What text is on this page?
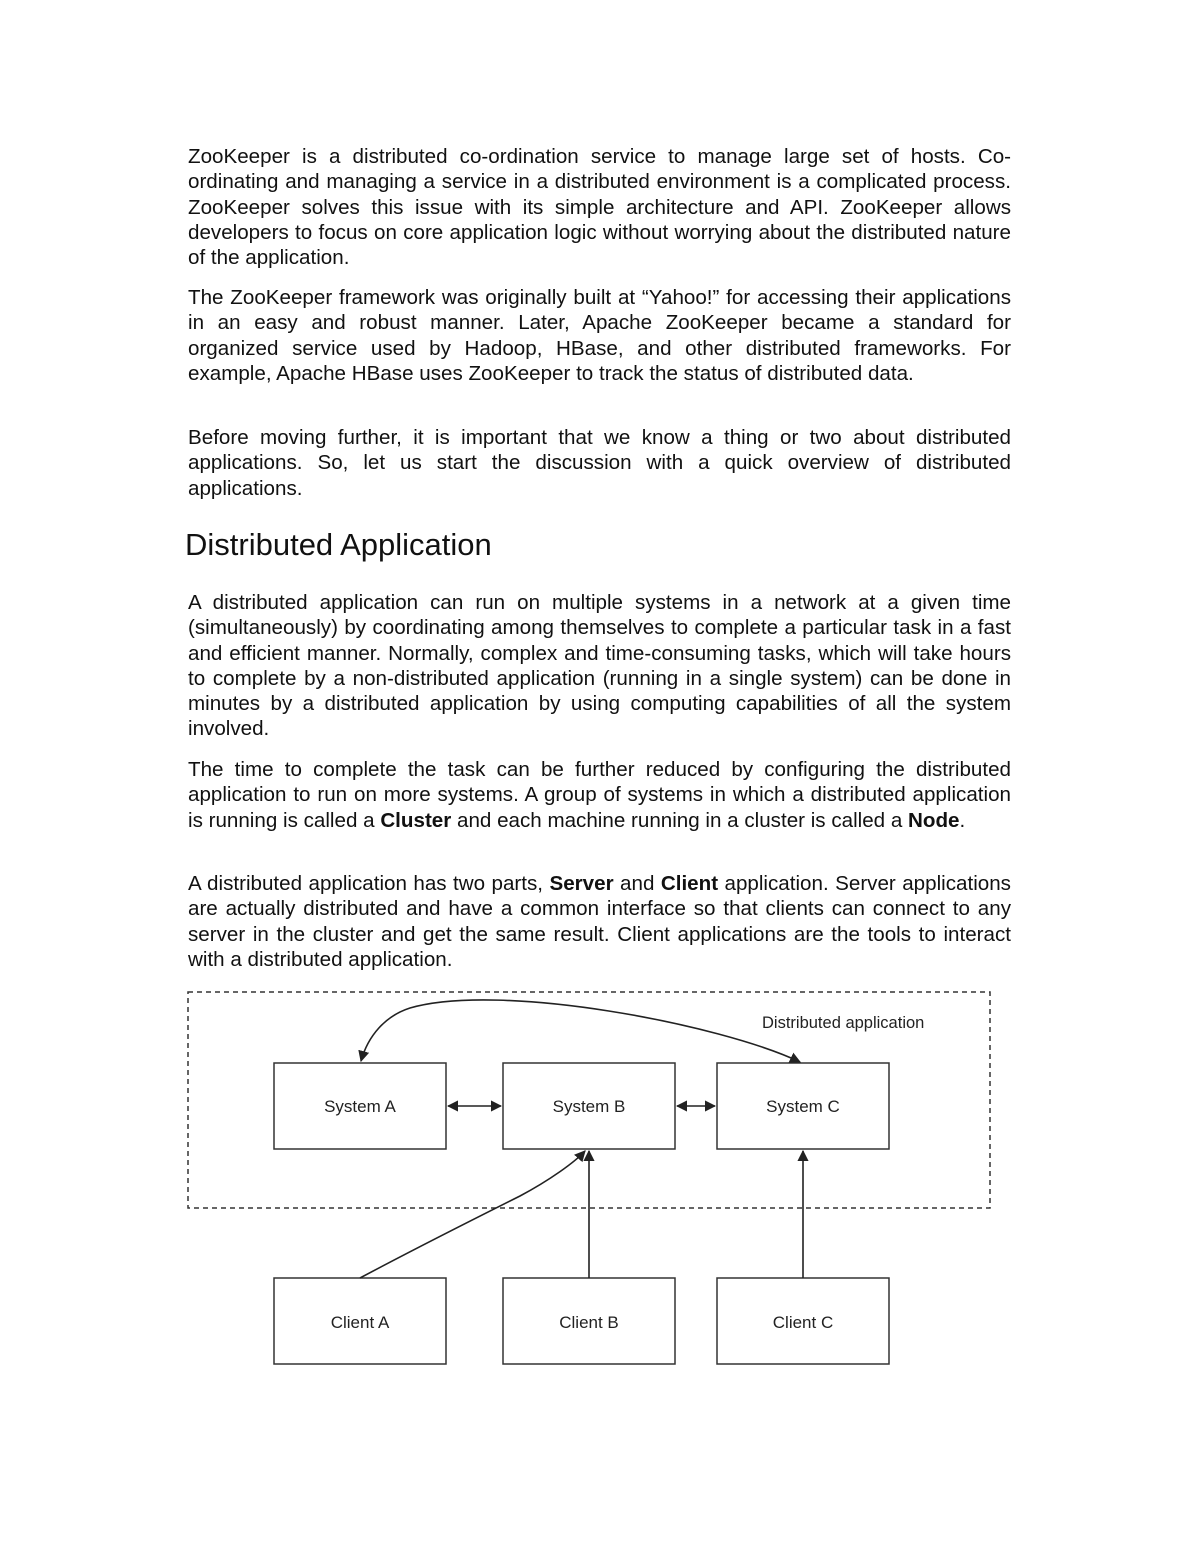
ZooKeeper is a distributed co-ordination service to manage large set of hosts. Co-ordinating and managing a service in a distributed environment is a complicated process. ZooKeeper solves this issue with its simple architecture and API. ZooKeeper allows developers to focus on core application logic without worrying about the distributed nature of the application.

The ZooKeeper framework was originally built at “Yahoo!” for accessing their applications in an easy and robust manner. Later, Apache ZooKeeper became a standard for organized service used by Hadoop, HBase, and other distributed frameworks. For example, Apache HBase uses ZooKeeper to track the status of distributed data.

Before moving further, it is important that we know a thing or two about distributed applications. So, let us start the discussion with a quick overview of distributed applications.

Distributed Application

A distributed application can run on multiple systems in a network at a given time (simultaneously) by coordinating among themselves to complete a particular task in a fast and efficient manner. Normally, complex and time-consuming tasks, which will take hours to complete by a non-distributed application (running in a single system) can be done in minutes by a distributed application by using computing capabilities of all the system involved.

The time to complete the task can be further reduced by configuring the distributed application to run on more systems. A group of systems in which a distributed application is running is called a Cluster and each machine running in a cluster is called a Node.

A distributed application has two parts, Server and Client application. Server applications are actually distributed and have a common interface so that clients can connect to any server in the cluster and get the same result. Client applications are the tools to interact with a distributed application.

Distributed application
System A	System B	System C
Client A	Client B	Client C
